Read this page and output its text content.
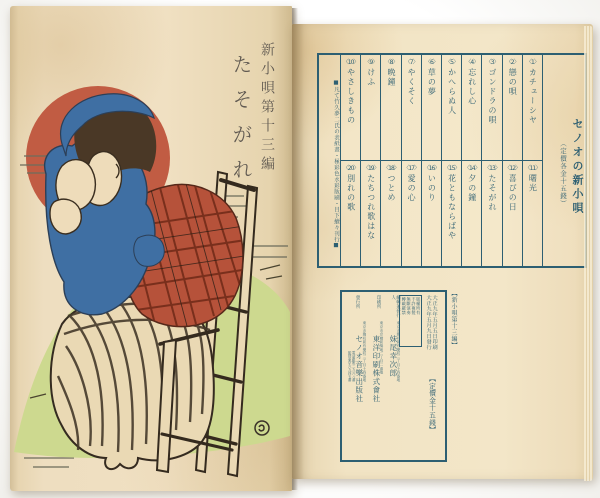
新小唄第十三編
たそがれ	セノオの新小唄
（定價各金十五錢）
〈1〉
カチューシヤ
〈11〉
曙光
〈2〉
戀の唄
〈12〉
喜びの日
〈3〉
ゴンドラの唄
〈13〉
たそがれ
〈4〉
忘れし心
〈14〉
夕の鐘
〈5〉
かへらぬ人
〈15〉
花ともならばや
〈6〉
草の夢
〈16〉
いのり
〈7〉
やくそく
〈17〉
愛の心
〈8〉
晩鐘
〈18〉
つとめ
〈9〉
けふ
〈19〉
たちつれ歌はな
〈10〉
やさしきもの
〈20〉
別れの歌
■凡て竹久夢二氏の表紙畫・極彩色水彩版刷・目下續々刊行■
【新小唄第十三編】
大正九年五月五日印刷
大正九年五月九日發行
【定價金十五錢】
版權所有
不許複製
無斷演奏
轉載嚴禁
編輯兼發行人
東京市麹町區有樂町三丁目十四番地
妹尾幸次郎
印刷所
東京市京橋區築地二丁目二番地
東洋印刷株式會社
發行所
東京市麹町區有樂町三丁目十四番地
セノオ音樂出版社
電話銀座二九六八番
振替東京六九四五番
